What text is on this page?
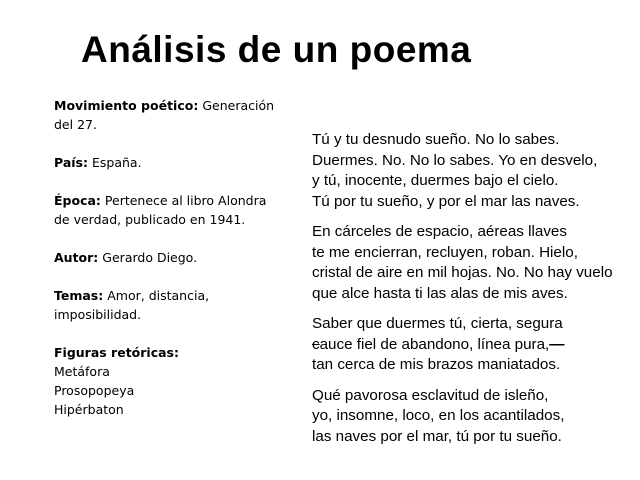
Análisis de un poema

Movimiento poético: Generación del 27.

País: España.

Época: Pertenece al libro Alondra de verdad, publicado en 1941.

Autor: Gerardo Diego.

Temas: Amor, distancia, imposibilidad.

Figuras retóricas:
Metáfora
Prosopopeya
Hipérbaton
Tú y tu desnudo sueño. No lo sabes.
Duermes. No. No lo sabes. Yo en desvelo,
y tú, inocente, duermes bajo el cielo.
Tú por tu sueño, y por el mar las naves.
En cárceles de espacio, aéreas llaves
te me encierran, recluyen, roban. Hielo,
cristal de aire en mil hojas. No. No hay vuelo
que alce hasta ti las alas de mis aves.
Saber que duermes tú, cierta, segura
cauce fiel de abandono, línea pura,—
tan cerca de mis brazos maniatados.
Qué pavorosa esclavitud de isleño,
yo, insomne, loco, en los acantilados,
las naves por el mar, tú por tu sueño.
